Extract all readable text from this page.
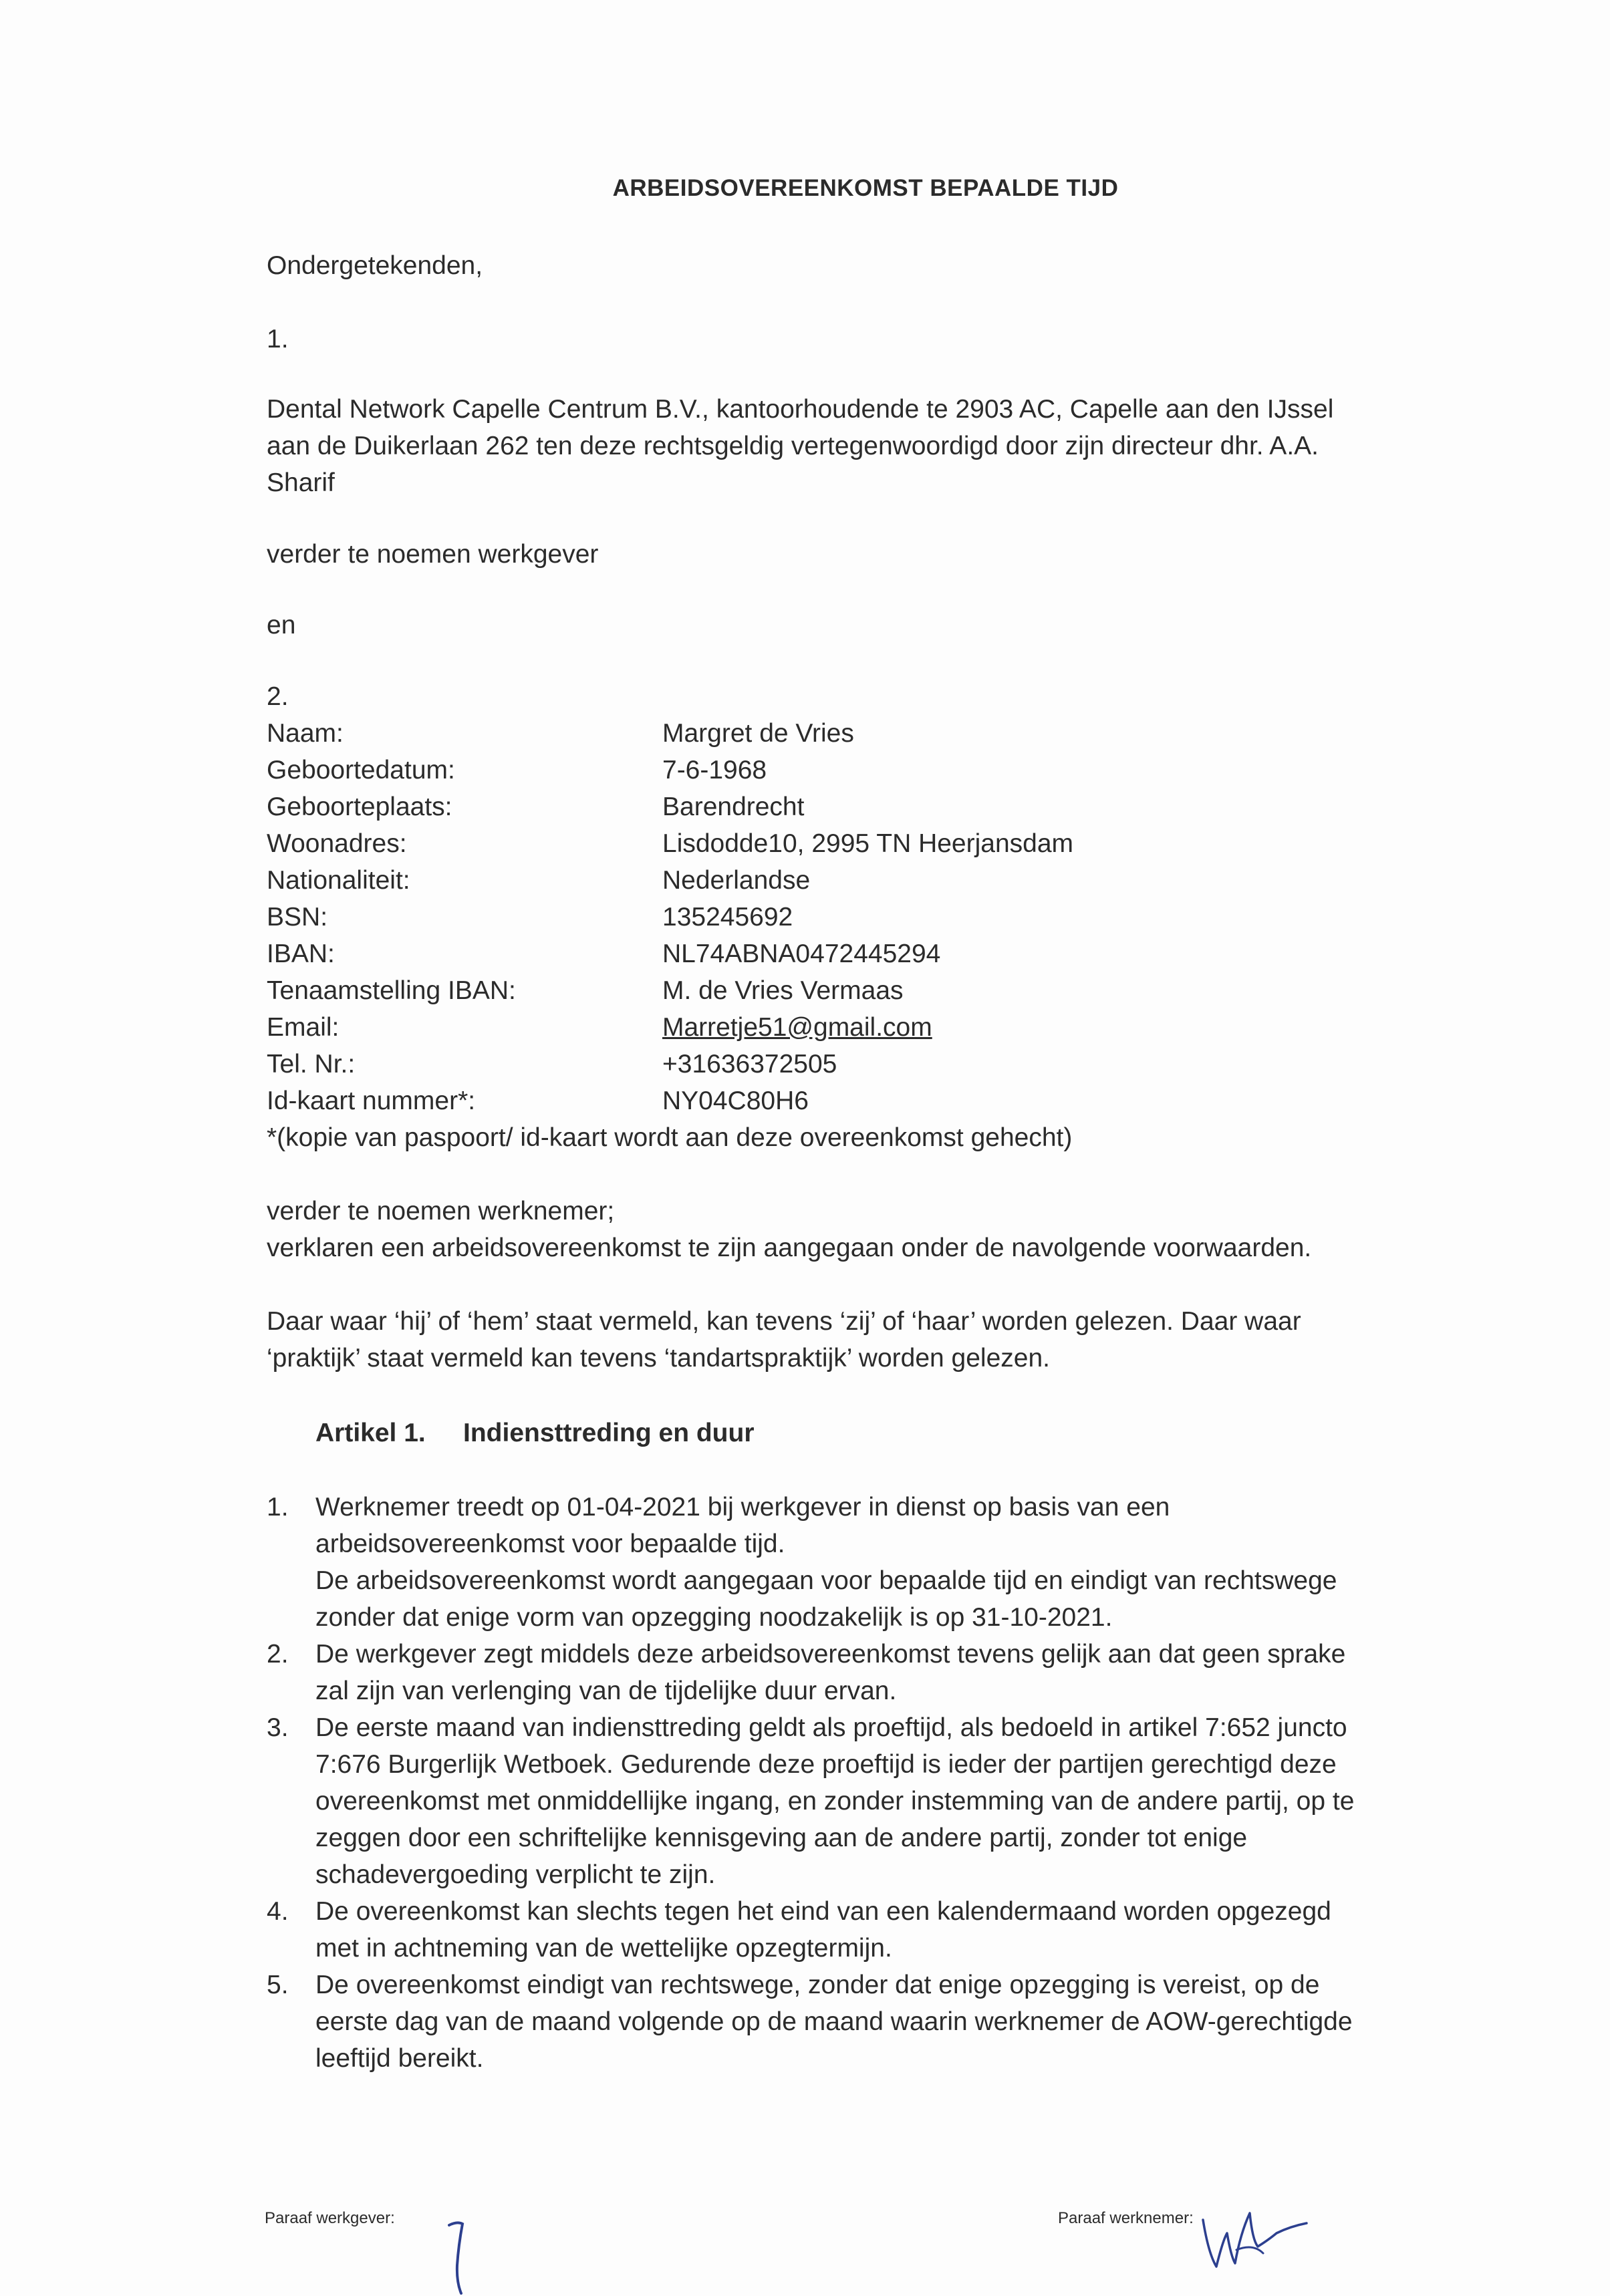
ARBEIDSOVEREENKOMST BEPAALDE TIJD
Ondergetekenden,
1.
Dental Network Capelle Centrum B.V., kantoorhoudende te 2903 AC, Capelle aan den IJssel
aan de Duikerlaan 262 ten deze rechtsgeldig vertegenwoordigd door zijn directeur dhr. A.A.
Sharif
verder te noemen werkgever
en
2.
Naam:	Margret de Vries
Geboortedatum:	7-6-1968
Geboorteplaats:	Barendrecht
Woonadres:	Lisdodde10, 2995 TN Heerjansdam
Nationaliteit:	Nederlandse
BSN:	135245692
IBAN:	NL74ABNA0472445294
Tenaamstelling IBAN:	M. de Vries Vermaas
Email:	Marretje51@gmail.com
Tel. Nr.:	+31636372505
Id-kaart nummer*:	NY04C80H6
*(kopie van paspoort/ id-kaart wordt aan deze overeenkomst gehecht)
verder te noemen werknemer;
verklaren een arbeidsovereenkomst te zijn aangegaan onder de navolgende voorwaarden.
Daar waar ‘hij’ of ‘hem’ staat vermeld, kan tevens ‘zij’ of ‘haar’ worden gelezen. Daar waar
‘praktijk’ staat vermeld kan tevens ‘tandartspraktijk’ worden gelezen.
Artikel 1. Indiensttreding en duur
1. Werknemer treedt op 01-04-2021 bij werkgever in dienst op basis van een
arbeidsovereenkomst voor bepaalde tijd.
De arbeidsovereenkomst wordt aangegaan voor bepaalde tijd en eindigt van rechtswege
zonder dat enige vorm van opzegging noodzakelijk is op 31-10-2021.
2. De werkgever zegt middels deze arbeidsovereenkomst tevens gelijk aan dat geen sprake
zal zijn van verlenging van de tijdelijke duur ervan.
3. De eerste maand van indiensttreding geldt als proeftijd, als bedoeld in artikel 7:652 juncto
7:676 Burgerlijk Wetboek. Gedurende deze proeftijd is ieder der partijen gerechtigd deze
overeenkomst met onmiddellijke ingang, en zonder instemming van de andere partij, op te
zeggen door een schriftelijke kennisgeving aan de andere partij, zonder tot enige
schadevergoeding verplicht te zijn.
4. De overeenkomst kan slechts tegen het eind van een kalendermaand worden opgezegd
met in achtneming van de wettelijke opzegtermijn.
5. De overeenkomst eindigt van rechtswege, zonder dat enige opzegging is vereist, op de
eerste dag van de maand volgende op de maand waarin werknemer de AOW-gerechtigde
leeftijd bereikt.
Paraaf werkgever:	Paraaf werknemer:
